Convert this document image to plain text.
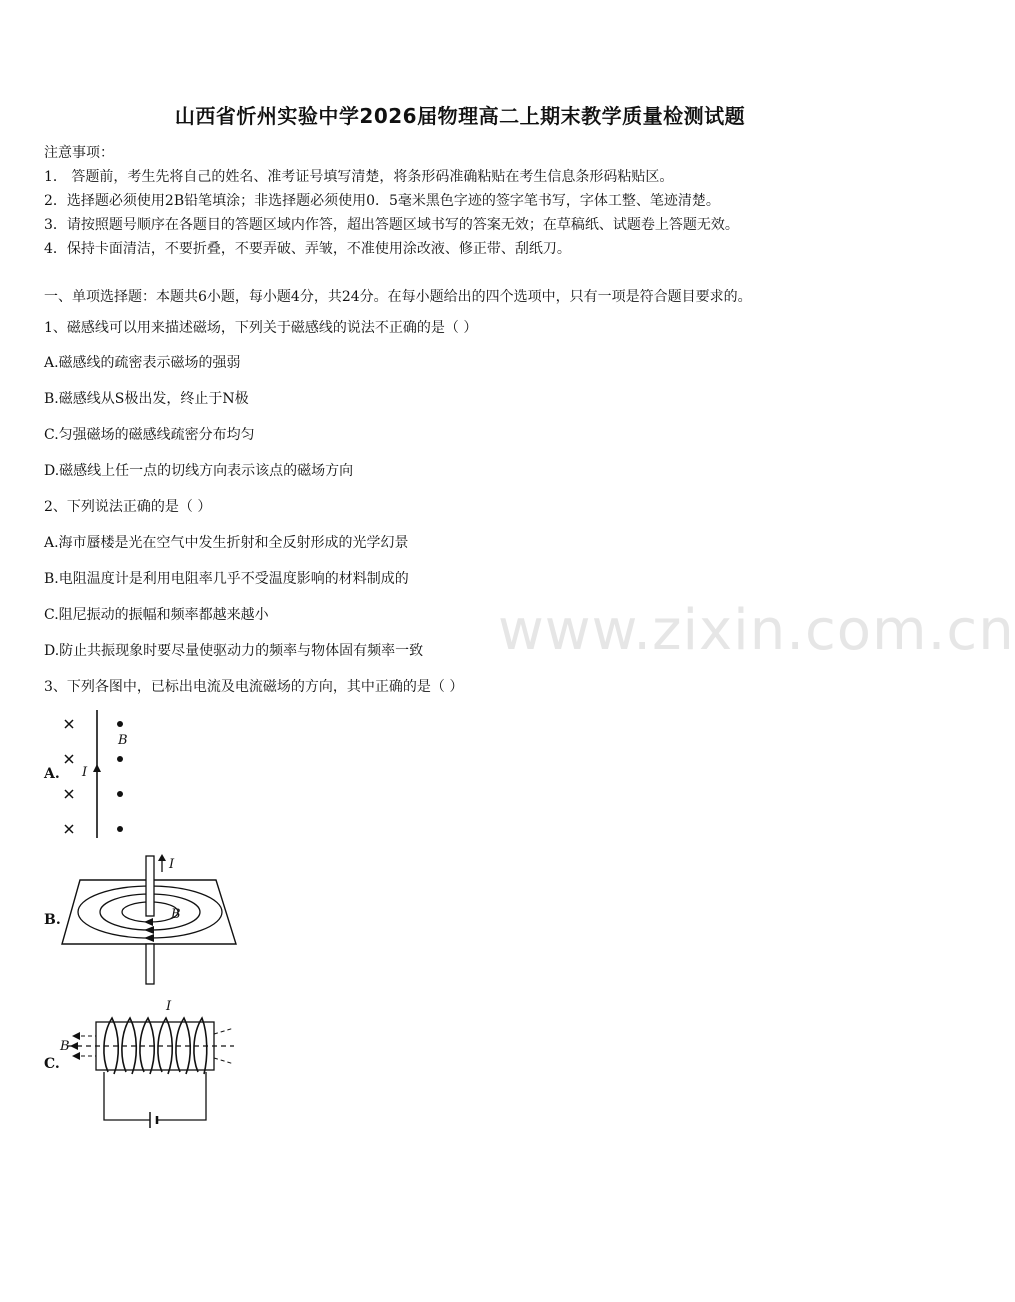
山西省忻州实验中学2026届物理高二上期末教学质量检测试题
注意事项：
1． 答题前，考生先将自己的姓名、准考证号填写清楚，将条形码准确粘贴在考生信息条形码粘贴区。
2．选择题必须使用2B铅笔填涂；非选择题必须使用0．5毫米黑色字迹的签字笔书写，字体工整、笔迹清楚。
3．请按照题号顺序在各题目的答题区域内作答，超出答题区域书写的答案无效；在草稿纸、试题卷上答题无效。
4．保持卡面清洁，不要折叠，不要弄破、弄皱，不准使用涂改液、修正带、刮纸刀。
一、单项选择题：本题共6小题，每小题4分，共24分。在每小题给出的四个选项中，只有一项是符合题目要求的。
1、磁感线可以用来描述磁场，下列关于磁感线的说法不正确的是（ ）
A.磁感线的疏密表示磁场的强弱
B.磁感线从S极出发，终止于N极
C.匀强磁场的磁感线疏密分布均匀
D.磁感线上任一点的切线方向表示该点的磁场方向
2、下列说法正确的是（ ）
A.海市蜃楼是光在空气中发生折射和全反射形成的光学幻景
B.电阻温度计是利用电阻率几乎不受温度影响的材料制成的
C.阻尼振动的振幅和频率都越来越小
D.防止共振现象时要尽量使驱动力的频率与物体固有频率一致 www.zixin.com.cn
3、下列各图中，已标出电流及电流磁场的方向，其中正确的是（ ）
A. I
B
B.
I
B
C.
I
B
